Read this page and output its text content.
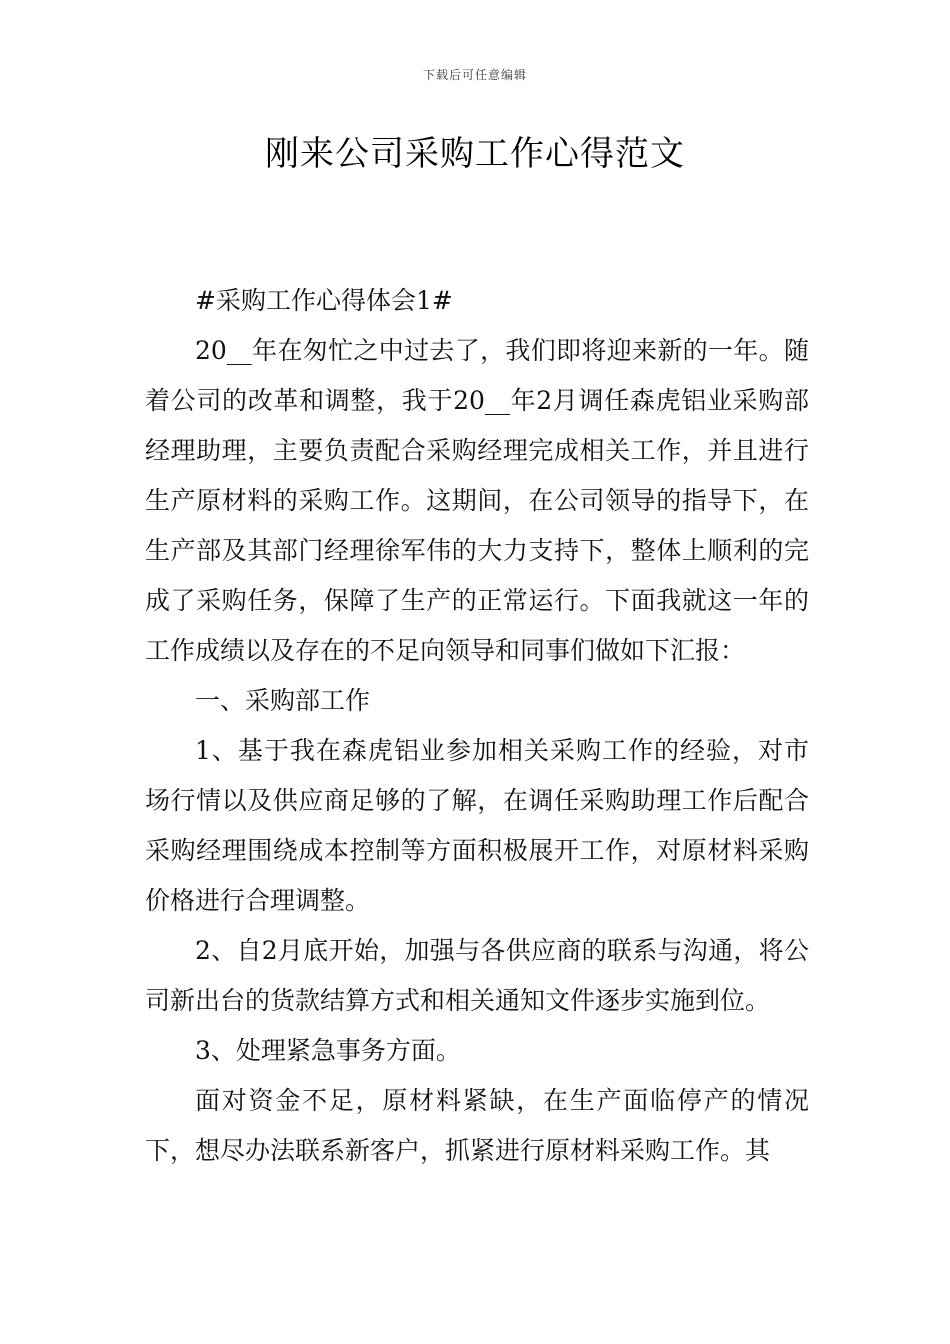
下载后可任意编辑
刚来公司采购工作心得范文

#采购工作心得体会1#

20__年在匆忙之中过去了，我们即将迎来新的一年。随着公司的改革和调整，我于20__年2月调任森虎铝业采购部经理助理，主要负责配合采购经理完成相关工作，并且进行生产原材料的采购工作。这期间，在公司领导的指导下，在生产部及其部门经理徐军伟的大力支持下，整体上顺利的完成了采购任务，保障了生产的正常运行。下面我就这一年的工作成绩以及存在的不足向领导和同事们做如下汇报：

一、采购部工作

1、基于我在森虎铝业参加相关采购工作的经验，对市场行情以及供应商足够的了解，在调任采购助理工作后配合采购经理围绕成本控制等方面积极展开工作，对原材料采购价格进行合理调整。

2、自2月底开始，加强与各供应商的联系与沟通，将公司新出台的货款结算方式和相关通知文件逐步实施到位。

3、处理紧急事务方面。

面对资金不足，原材料紧缺，在生产面临停产的情况下，想尽办法联系新客户，抓紧进行原材料采购工作。其
